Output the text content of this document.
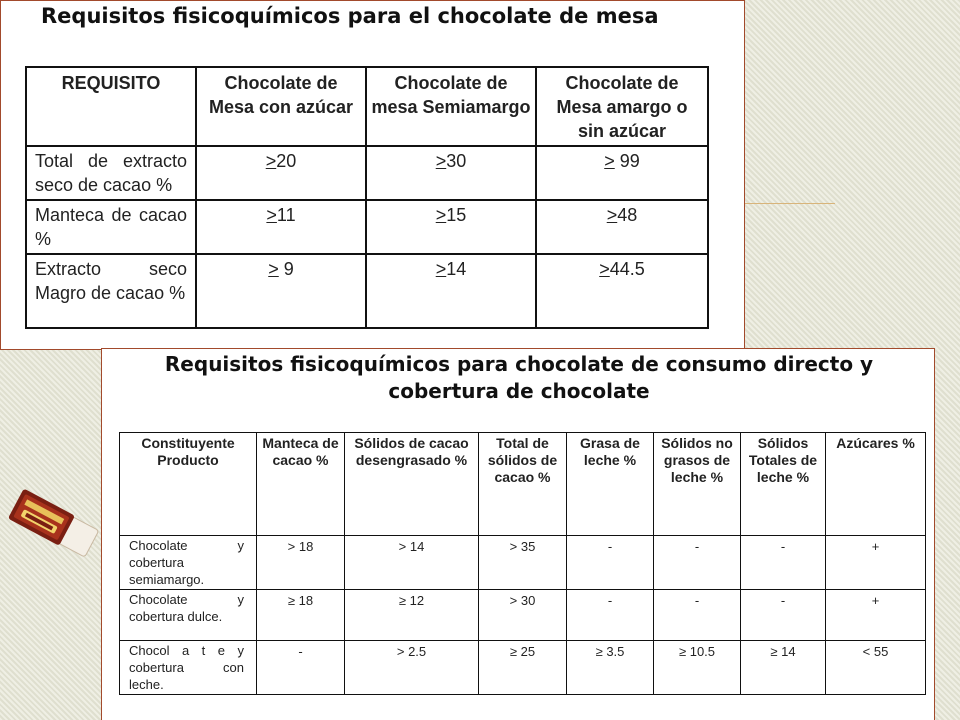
Requisitos fisicoquímicos para el chocolate de mesa
REQUISITO	Chocolate de Mesa con azúcar	Chocolate de mesa Semiamargo	Chocolate de Mesa amargo o sin azúcar
Total de extracto seco de cacao %	>20	>30	> 99
Manteca de cacao %	>11	>15	>48
Extracto seco Magro de cacao %	> 9	>14	>44.5
Requisitos fisicoquímicos para chocolate de consumo directo y
cobertura de chocolate
Constituyente Producto	Manteca de cacao %	Sólidos de cacao desengrasado %	Total de sólidos de cacao %	Grasa de leche %	Sólidos no grasos de leche %	Sólidos Totales de leche %	Azúcares %
Chocolate y cobertura semiamargo.	> 18	> 14	> 35	-	-	-	+
Chocolate y cobertura dulce.	≥ 18	≥ 12	> 30	-	-	-	+
Chocol a t e y cobertura con leche.	-	> 2.5	≥ 25	≥ 3.5	≥ 10.5	≥ 14	< 55
